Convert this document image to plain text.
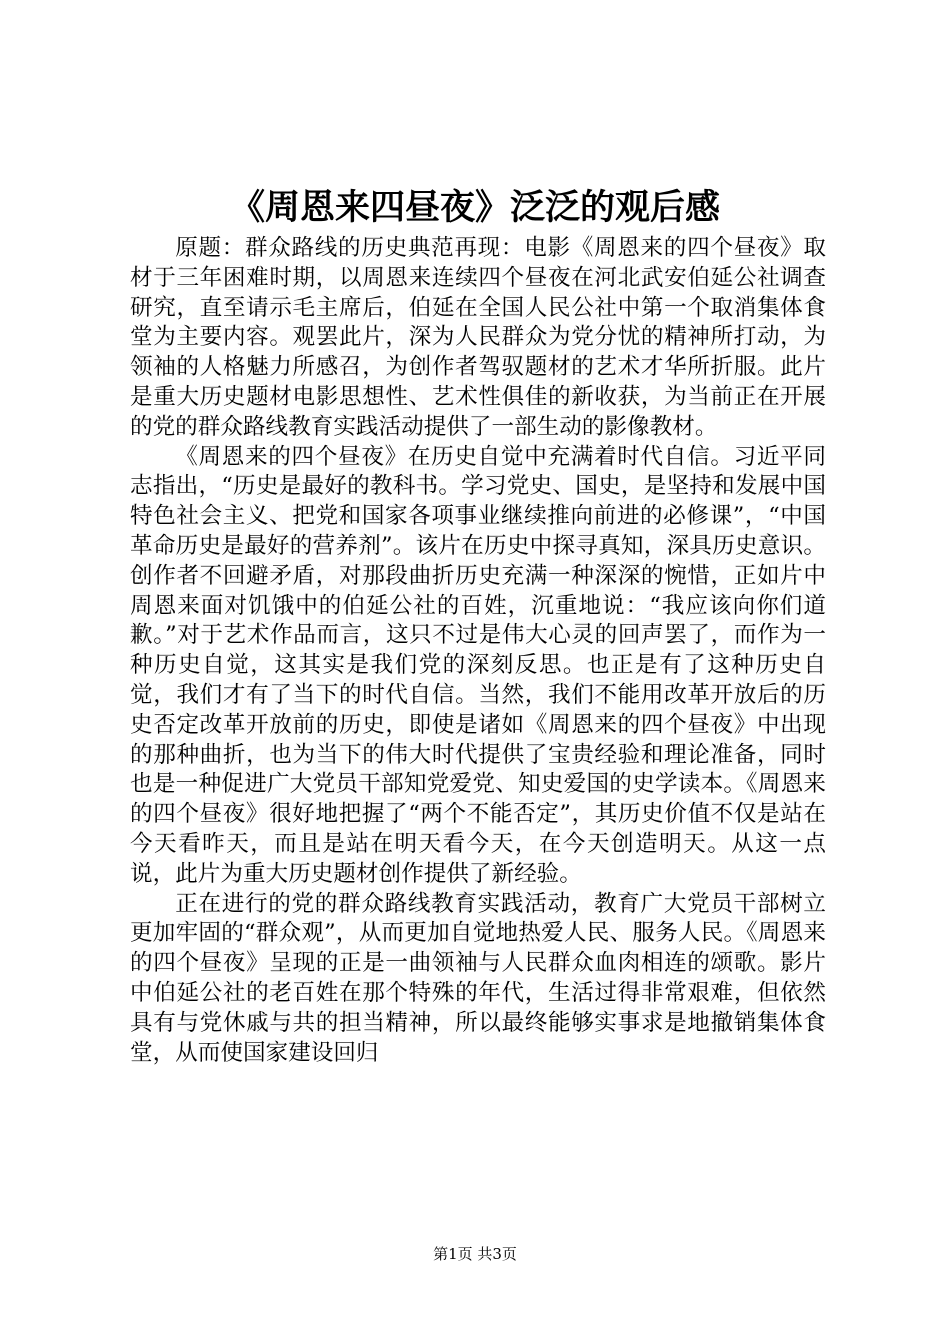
《周恩来四昼夜》泛泛的观后感

原题：群众路线的历史典范再现：电影《周恩来的四个昼夜》取材于三年困难时期，以周恩来连续四个昼夜在河北武安伯延公社调查研究，直至请示毛主席后，伯延在全国人民公社中第一个取消集体食堂为主要内容。观罢此片，深为人民群众为党分忧的精神所打动，为领袖的人格魅力所感召，为创作者驾驭题材的艺术才华所折服。此片是重大历史题材电影思想性、艺术性俱佳的新收获，为当前正在开展的党的群众路线教育实践活动提供了一部生动的影像教材。

《周恩来的四个昼夜》在历史自觉中充满着时代自信。习近平同志指出，“历史是最好的教科书。学习党史、国史，是坚持和发展中国特色社会主义、把党和国家各项事业继续推向前进的必修课”，“中国革命历史是最好的营养剂”。该片在历史中探寻真知，深具历史意识。创作者不回避矛盾，对那段曲折历史充满一种深深的惋惜，正如片中周恩来面对饥饿中的伯延公社的百姓，沉重地说：“我应该向你们道歉。”对于艺术作品而言，这只不过是伟大心灵的回声罢了，而作为一种历史自觉，这其实是我们党的深刻反思。也正是有了这种历史自觉，我们才有了当下的时代自信。当然，我们不能用改革开放后的历史否定改革开放前的历史，即使是诸如《周恩来的四个昼夜》中出现的那种曲折，也为当下的伟大时代提供了宝贵经验和理论准备，同时也是一种促进广大党员干部知党爱党、知史爱国的史学读本。《周恩来的四个昼夜》很好地把握了“两个不能否定”，其历史价值不仅是站在今天看昨天，而且是站在明天看今天，在今天创造明天。从这一点说，此片为重大历史题材创作提供了新经验。

正在进行的党的群众路线教育实践活动，教育广大党员干部树立更加牢固的“群众观”，从而更加自觉地热爱人民、服务人民。《周恩来的四个昼夜》呈现的正是一曲领袖与人民群众血肉相连的颂歌。影片中伯延公社的老百姓在那个特殊的年代，生活过得非常艰难，但依然具有与党休戚与共的担当精神，所以最终能够实事求是地撤销集体食堂，从而使国家建设回归

第1页 共3页
